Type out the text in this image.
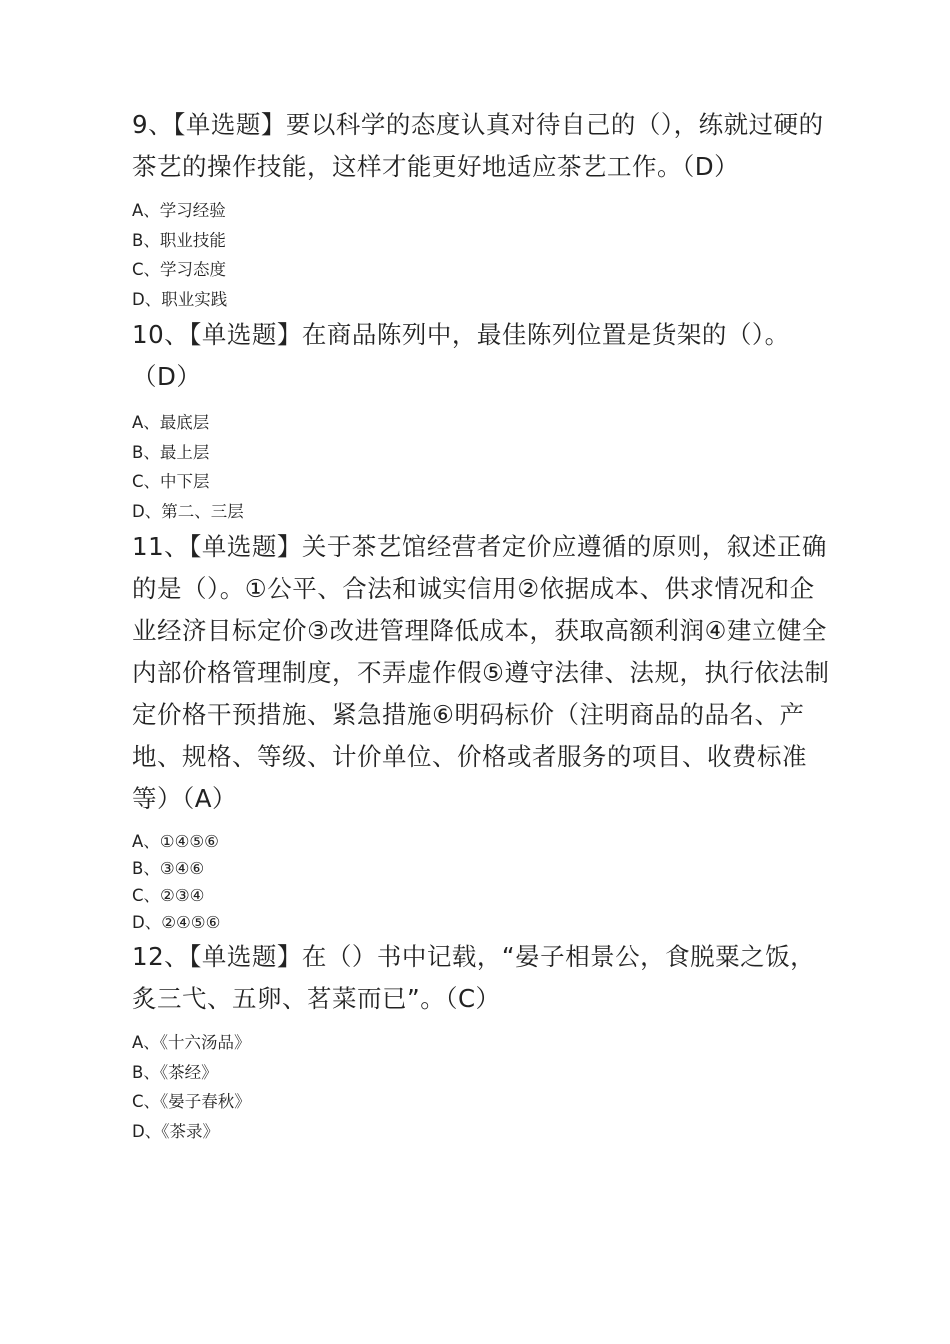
9、【单选题】要以科学的态度认真对待自己的（），练就过硬的茶艺的操作技能，这样才能更好地适应茶艺工作。（D）

A、学习经验
B、职业技能
C、学习态度
D、职业实践

10、【单选题】在商品陈列中，最佳陈列位置是货架的（）。（D）

A、最底层
B、最上层
C、中下层
D、第二、三层

11、【单选题】关于茶艺馆经营者定价应遵循的原则，叙述正确的是（）。①公平、合法和诚实信用②依据成本、供求情况和企业经济目标定价③改进管理降低成本，获取高额利润④建立健全内部价格管理制度，不弄虚作假⑤遵守法律、法规，执行依法制定价格干预措施、紧急措施⑥明码标价（注明商品的品名、产地、规格、等级、计价单位、价格或者服务的项目、收费标准等）（A）

A、①④⑤⑥
B、③④⑥
C、②③④
D、②④⑤⑥

12、【单选题】在（）书中记载，“晏子相景公，食脱粟之饭，炙三弋、五卵、茗菜而已”。（C）

A、《十六汤品》
B、《茶经》
C、《晏子春秋》
D、《茶录》
